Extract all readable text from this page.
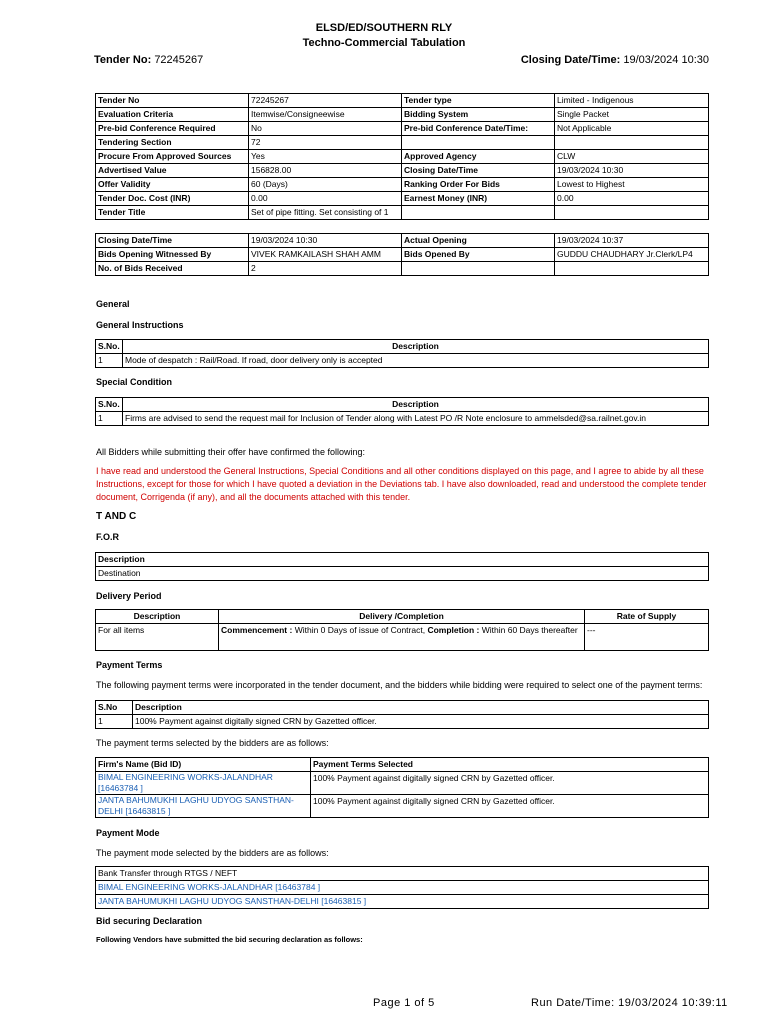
ELSD/ED/SOUTHERN RLY
Techno-Commercial Tabulation
Tender No: 72245267	Closing Date/Time: 19/03/2024 10:30
Tender No	72245267	Tender type	Limited - Indigenous
Evaluation Criteria	Itemwise/Consigneewise	Bidding System	Single Packet
Pre-bid Conference Required	No	Pre-bid Conference Date/Time:	Not Applicable
Tendering Section	72		
Procure From Approved Sources	Yes	Approved Agency	CLW
Advertised Value	156828.00	Closing Date/Time	19/03/2024 10:30
Offer Validity	60 (Days)	Ranking Order For Bids	Lowest to Highest
Tender Doc. Cost (INR)	0.00	Earnest Money (INR)	0.00
Tender Title	Set of pipe fitting. Set consisting of 1		
Closing Date/Time	19/03/2024 10:30	Actual Opening	19/03/2024 10:37
Bids Opening Witnessed By	VIVEK RAMKAILASH SHAH AMM	Bids Opened By	GUDDU CHAUDHARY Jr.Clerk/LP4
No. of Bids Received	2		
General
General Instructions
S.No.	Description
1	Mode of despatch : Rail/Road. If road, door delivery only is accepted
Special Condition
S.No.	Description
1	Firms are advised to send the request mail for Inclusion of Tender along with Latest PO /R Note enclosure to ammelsded@sa.railnet.gov.in
All Bidders while submitting their offer have confirmed the following:
I have read and understood the General Instructions, Special Conditions and all other conditions displayed on this page, and I agree to abide by all these Instructions, except for those for which I have quoted a deviation in the Deviations tab. I have also downloaded, read and understood the complete tender document, Corrigenda (if any), and all the documents attached with this tender.
T AND C
F.O.R
Description
Destination
Delivery Period
Description	Delivery /Completion	Rate of Supply
For all items	Commencement : Within 0 Days of issue of Contract, Completion : Within 60 Days thereafter	---
Payment Terms
The following payment terms were incorporated in the tender document, and the bidders while bidding were required to select one of the payment terms:
S.No	Description
1	100% Payment against digitally signed CRN by Gazetted officer.
The payment terms selected by the bidders are as follows:
Firm's Name (Bid ID)	Payment Terms Selected
BIMAL ENGINEERING WORKS-JALANDHAR [16463784 ]	100% Payment against digitally signed CRN by Gazetted officer.
JANTA BAHUMUKHI LAGHU UDYOG SANSTHAN-DELHI [16463815 ]	100% Payment against digitally signed CRN by Gazetted officer.
Payment Mode
The payment mode selected by the bidders are as follows:
Bank Transfer through RTGS / NEFT
BIMAL ENGINEERING WORKS-JALANDHAR [16463784 ]
JANTA BAHUMUKHI LAGHU UDYOG SANSTHAN-DELHI [16463815 ]
Bid securing Declaration
Following Vendors have submitted the bid securing declaration as follows:
Page 1 of 5	Run Date/Time: 19/03/2024 10:39:11
